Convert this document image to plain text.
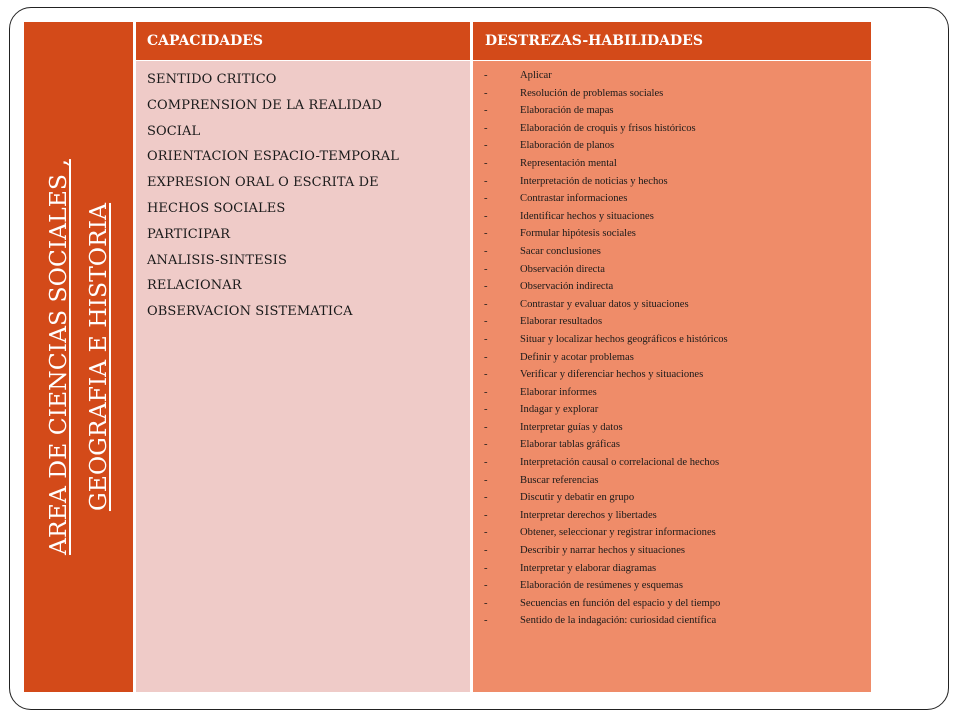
AREA DE CIENCIAS SOCIALES , GEOGRAFIA E HISTORIA
CAPACIDADES	DESTREZAS-HABILIDADES
SENTIDO CRITICO
COMPRENSION DE LA REALIDAD
SOCIAL
ORIENTACION ESPACIO-TEMPORAL
EXPRESION ORAL O ESCRITA DE
HECHOS SOCIALES
PARTICIPAR
ANALISIS-SINTESIS
RELACIONAR
OBSERVACION SISTEMATICA
-	Aplicar
-	Resolución de problemas sociales
-	Elaboración de mapas
-	Elaboración de croquis y frisos históricos
-	Elaboración de planos
-	Representación mental
-	Interpretación de noticias y hechos
-	Contrastar informaciones
-	Identificar hechos y situaciones
-	Formular hipótesis sociales
-	Sacar conclusiones
-	Observación directa
-	Observación indirecta
-	Contrastar y evaluar datos y situaciones
-	Elaborar resultados
-	Situar y localizar hechos geográficos e históricos
-	Definir y acotar problemas
-	Verificar y diferenciar hechos y situaciones
-	Elaborar informes
-	Indagar y explorar
-	Interpretar guías y datos
-	Elaborar tablas gráficas
-	Interpretación causal o correlacional de hechos
-	Buscar referencias
-	Discutir y debatir en grupo
-	Interpretar derechos y libertades
-	Obtener, seleccionar y registrar informaciones
-	Describir y narrar hechos y situaciones
-	Interpretar y elaborar diagramas
-	Elaboración de resúmenes y esquemas
-	Secuencias en función del espacio y del tiempo
-	Sentido de la indagación: curiosidad científica
